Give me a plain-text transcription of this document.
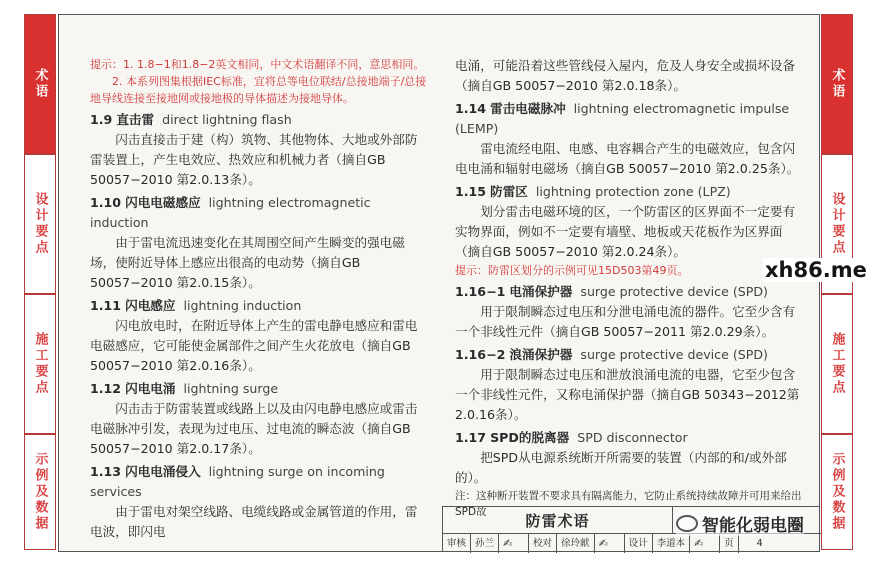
术语
设计要点
施工要点
示例及数据
术语
设计要点
施工要点
示例及数据

提示：1. 1.8−1和1.8−2英文相同，中文术语翻译不同，意思相同。

2. 本系列图集根据IEC标准，宜将总等电位联结/总接地端子/总接地导线连接至接地网或接地极的导体描述为接地导体。

1.9 直击雷 direct lightning flash

闪击直接击于建（构）筑物、其他物体、大地或外部防雷装置上，产生电效应、热效应和机械力者（摘自GB 50057−2010 第2.0.13条）。

1.10 闪电电磁感应 lightning electromagnetic induction

由于雷电流迅速变化在其周围空间产生瞬变的强电磁场，使附近导体上感应出很高的电动势（摘自GB 50057−2010 第2.0.15条）。

1.11 闪电感应 lightning induction

闪电放电时，在附近导体上产生的雷电静电感应和雷电电磁感应，它可能使金属部件之间产生火花放电（摘自GB 50057−2010 第2.0.16条）。

1.12 闪电电涌 lightning surge

闪击击于防雷装置或线路上以及由闪电静电感应或雷击电磁脉冲引发，表现为过电压、过电流的瞬态波（摘自GB 50057−2010 第2.0.17条）。

1.13 闪电电涌侵入 lightning surge on incoming services

由于雷电对架空线路、电缆线路或金属管道的作用，雷电波，即闪电

电涌，可能沿着这些管线侵入屋内，危及人身安全或损坏设备（摘自GB 50057−2010 第2.0.18条）。

1.14 雷击电磁脉冲 lightning electromagnetic impulse (LEMP)

雷电流经电阻、电感、电容耦合产生的电磁效应，包含闪电电涌和辐射电磁场（摘自GB 50057−2010 第2.0.25条）。

1.15 防雷区 lightning protection zone (LPZ)

划分雷击电磁环境的区，一个防雷区的区界面不一定要有实物界面，例如不一定要有墙壁、地板或天花板作为区界面（摘自GB 50057−2010 第2.0.24条）。

提示：防雷区划分的示例可见15D503第49页。

1.16−1 电涌保护器 surge protective device (SPD)

用于限制瞬态过电压和分泄电涌电流的器件。它至少含有一个非线性元件（摘自GB 50057−2011 第2.0.29条）。

1.16−2 浪涌保护器 surge protective device (SPD)

用于限制瞬态过电压和泄放浪涌电流的电器，它至少包含一个非线性元件，又称电涌保护器（摘自GB 50343−2012第2.0.16条）。

1.17 SPD的脱离器 SPD disconnector

把SPD从电源系统断开所需要的装置（内部的和/或外部的）。

注：这种断开装置不要求具有隔离能力，它防止系统持续故障并可用来给出SPD故	防雷术语
审核 孙兰 ✍	校对 徐玲献 ✍	设计 李道本 ✍	页	4
xh86.me
智能化弱电圈
